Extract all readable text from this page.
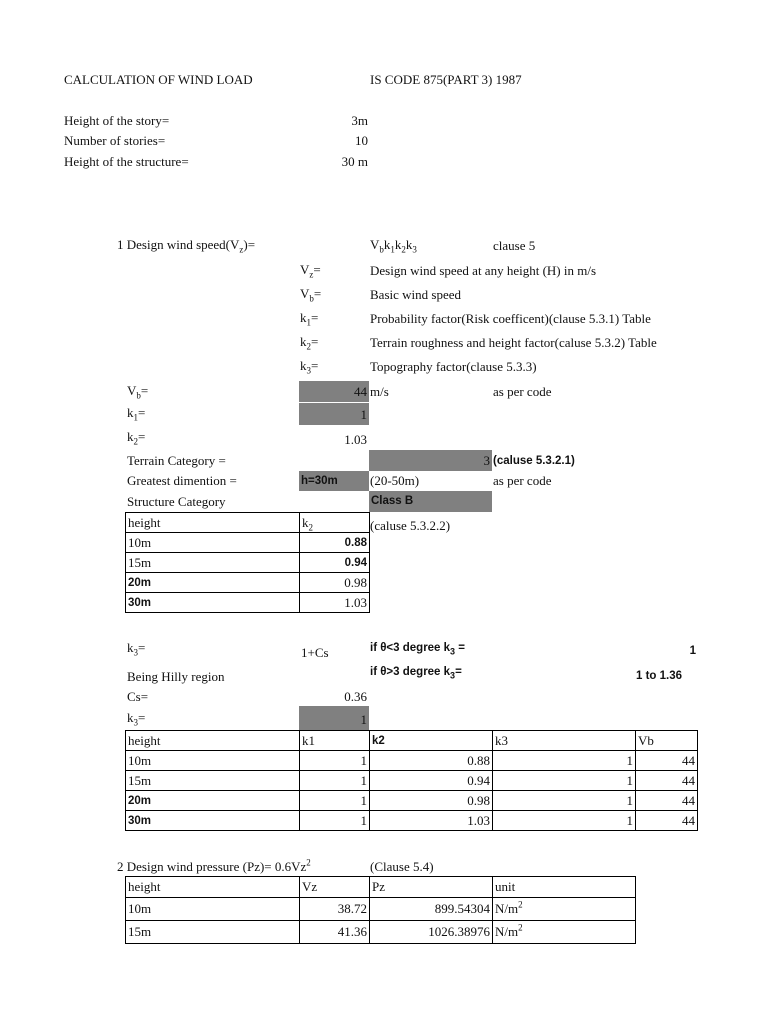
CALCULATION OF WIND LOAD	IS CODE 875(PART 3) 1987
Height of the story=	3m
Number of stories=	10
Height of the structure=	30 m
1 Design wind $speed(V_z)=$	$V_bk_1k_2k_3$	clause 5
$V_z=$	Design wind speed at any height (H) in m/s
$V_b=$	Basic wind speed
$k_1=$	Probability factor(Risk coefficent)(clause 5.3.1) Table
$k_2=$	Terrain roughness and height factor(caluse 5.3.2) Table
$k_3=$	Topography factor(clause 5.3.3)
$V_b=$	44 m/s	as per code
$k_1=$	1
$k_2=$	1.03
Terrain Category =	3 (caluse 5.3.2.1)
Greatest dimention =	h=30m (20-50m)	as per code
Structure Category	Class B
height	$k_2$
10m	0.88
15m	0.94
20m	0.98
30m	1.03
(caluse 5.3.2.2)
$k_3=$	1+Cs	if θ<3 degree $k_3$ =	1
if θ>3 degree $k_3=$	1 to 1.36
Being Hilly region
Cs=	0.36
$k_3=$	1
height	k1	k2	k3	Vb
10m	1	0.88	1	44
15m	1	0.94	1	44
20m	1	0.98	1	44
30m	1	1.03	1	44
2 Design wind pressure $(Pz)= 0.6Vz^2$	(Clause 5.4)
height	Vz	Pz	unit
10m	38.72	899.54304	$N/m^2$
15m	41.36	1026.38976	$N/m^2$
